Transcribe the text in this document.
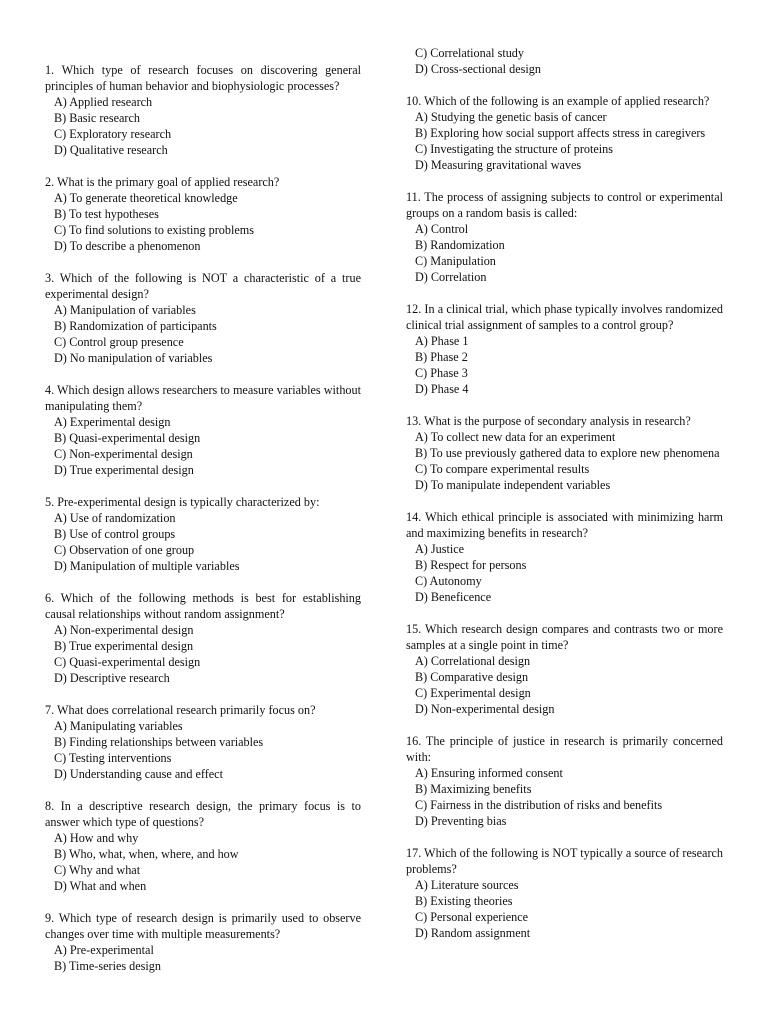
1. Which type of research focuses on discovering general principles of human behavior and biophysiologic processes?

A) Applied research
B) Basic research
C) Exploratory research
D) Qualitative research

2. What is the primary goal of applied research?

A) To generate theoretical knowledge
B) To test hypotheses
C) To find solutions to existing problems
D) To describe a phenomenon

3. Which of the following is NOT a characteristic of a true experimental design?

A) Manipulation of variables
B) Randomization of participants
C) Control group presence
D) No manipulation of variables

4. Which design allows researchers to measure variables without manipulating them?

A) Experimental design
B) Quasi-experimental design
C) Non-experimental design
D) True experimental design

5. Pre-experimental design is typically characterized by:

A) Use of randomization
B) Use of control groups
C) Observation of one group
D) Manipulation of multiple variables

6. Which of the following methods is best for establishing causal relationships without random assignment?

A) Non-experimental design
B) True experimental design
C) Quasi-experimental design
D) Descriptive research

7. What does correlational research primarily focus on?

A) Manipulating variables
B) Finding relationships between variables
C) Testing interventions
D) Understanding cause and effect

8. In a descriptive research design, the primary focus is to answer which type of questions?

A) How and why
B) Who, what, when, where, and how
C) Why and what
D) What and when

9. Which type of research design is primarily used to observe changes over time with multiple measurements?

A) Pre-experimental
B) Time-series design
C) Correlational study
D) Cross-sectional design

10. Which of the following is an example of applied research?

A) Studying the genetic basis of cancer
B) Exploring how social support affects stress in caregivers
C) Investigating the structure of proteins
D) Measuring gravitational waves

11. The process of assigning subjects to control or experimental groups on a random basis is called:

A) Control
B) Randomization
C) Manipulation
D) Correlation

12. In a clinical trial, which phase typically involves randomized clinical trial assignment of samples to a control group?

A) Phase 1
B) Phase 2
C) Phase 3
D) Phase 4

13. What is the purpose of secondary analysis in research?

A) To collect new data for an experiment
B) To use previously gathered data to explore new phenomena
C) To compare experimental results
D) To manipulate independent variables

14. Which ethical principle is associated with minimizing harm and maximizing benefits in research?

A) Justice
B) Respect for persons
C) Autonomy
D) Beneficence

15. Which research design compares and contrasts two or more samples at a single point in time?

A) Correlational design
B) Comparative design
C) Experimental design
D) Non-experimental design

16. The principle of justice in research is primarily concerned with:

A) Ensuring informed consent
B) Maximizing benefits
C) Fairness in the distribution of risks and benefits
D) Preventing bias

17. Which of the following is NOT typically a source of research problems?

A) Literature sources
B) Existing theories
C) Personal experience
D) Random assignment
